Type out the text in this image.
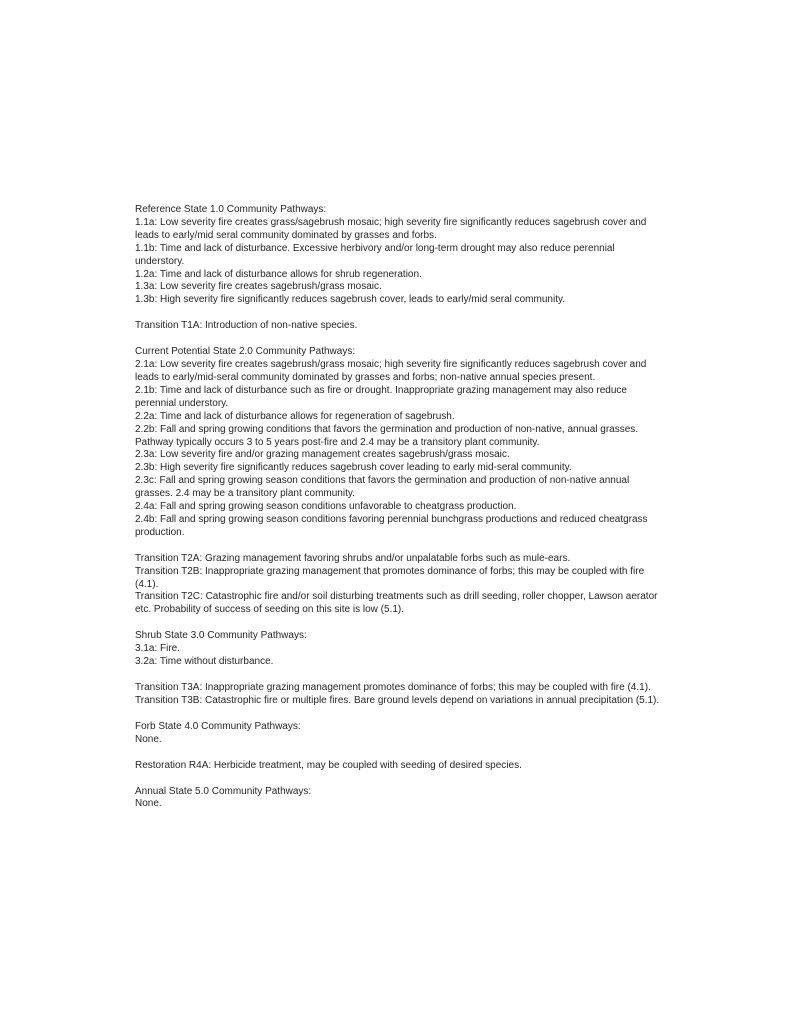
Reference State 1.0 Community Pathways:
1.1a: Low severity fire creates grass/sagebrush mosaic; high severity fire significantly reduces sagebrush cover and
leads to early/mid seral community dominated by grasses and forbs.
1.1b: Time and lack of disturbance. Excessive herbivory and/or long-term drought may also reduce perennial
understory.
1.2a: Time and lack of disturbance allows for shrub regeneration.
1.3a: Low severity fire creates sagebrush/grass mosaic.
1.3b: High severity fire significantly reduces sagebrush cover, leads to early/mid seral community.
Transition T1A: Introduction of non-native species.
Current Potential State 2.0 Community Pathways:
2.1a: Low severity fire creates sagebrush/grass mosaic; high severity fire significantly reduces sagebrush cover and
leads to early/mid-seral community dominated by grasses and forbs; non-native annual species present.
2.1b: Time and lack of disturbance such as fire or drought. Inappropriate grazing management may also reduce
perennial understory.
2.2a: Time and lack of disturbance allows for regeneration of sagebrush.
2.2b: Fall and spring growing conditions that favors the germination and production of non-native, annual grasses.
Pathway typically occurs 3 to 5 years post-fire and 2.4 may be a transitory plant community.
2.3a: Low severity fire and/or grazing management creates sagebrush/grass mosaic.
2.3b: High severity fire significantly reduces sagebrush cover leading to early mid-seral community.
2.3c: Fall and spring growing season conditions that favors the germination and production of non-native annual
grasses. 2.4 may be a transitory plant community.
2.4a: Fall and spring growing season conditions unfavorable to cheatgrass production.
2.4b: Fall and spring growing season conditions favoring perennial bunchgrass productions and reduced cheatgrass
production.
Transition T2A: Grazing management favoring shrubs and/or unpalatable forbs such as mule-ears.
Transition T2B: Inappropriate grazing management that promotes dominance of forbs; this may be coupled with fire
(4.1).
Transition T2C: Catastrophic fire and/or soil disturbing treatments such as drill seeding, roller chopper, Lawson aerator
etc. Probability of success of seeding on this site is low (5.1).
Shrub State 3.0 Community Pathways:
3.1a: Fire.
3.2a: Time without disturbance.
Transition T3A: Inappropriate grazing management promotes dominance of forbs; this may be coupled with fire (4.1).
Transition T3B: Catastrophic fire or multiple fires. Bare ground levels depend on variations in annual precipitation (5.1).
Forb State 4.0 Community Pathways:
None.
Restoration R4A: Herbicide treatment, may be coupled with seeding of desired species.
Annual State 5.0 Community Pathways:
None.
